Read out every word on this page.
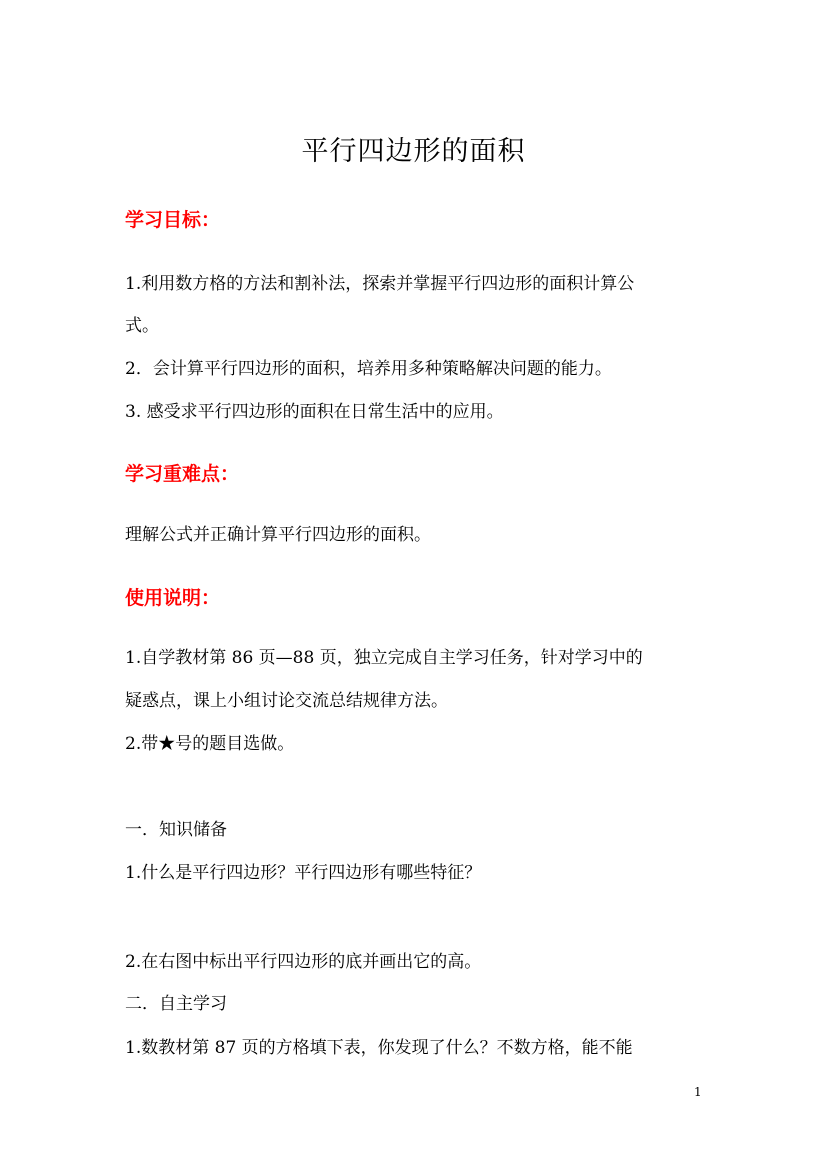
平行四边形的面积
学习目标：
1.利用数方格的方法和割补法，探索并掌握平行四边形的面积计算公
式。
2．会计算平行四边形的面积，培养用多种策略解决问题的能力。
3. 感受求平行四边形的面积在日常生活中的应用。
学习重难点：
理解公式并正确计算平行四边形的面积。
使用说明：
1.自学教材第 86 页—88 页，独立完成自主学习任务，针对学习中的
疑惑点，课上小组讨论交流总结规律方法。
2.带★号的题目选做。
一．知识储备
1.什么是平行四边形？平行四边形有哪些特征？
2.在右图中标出平行四边形的底并画出它的高。
二．自主学习
1.数教材第 87 页的方格填下表，你发现了什么？不数方格，能不能
1
